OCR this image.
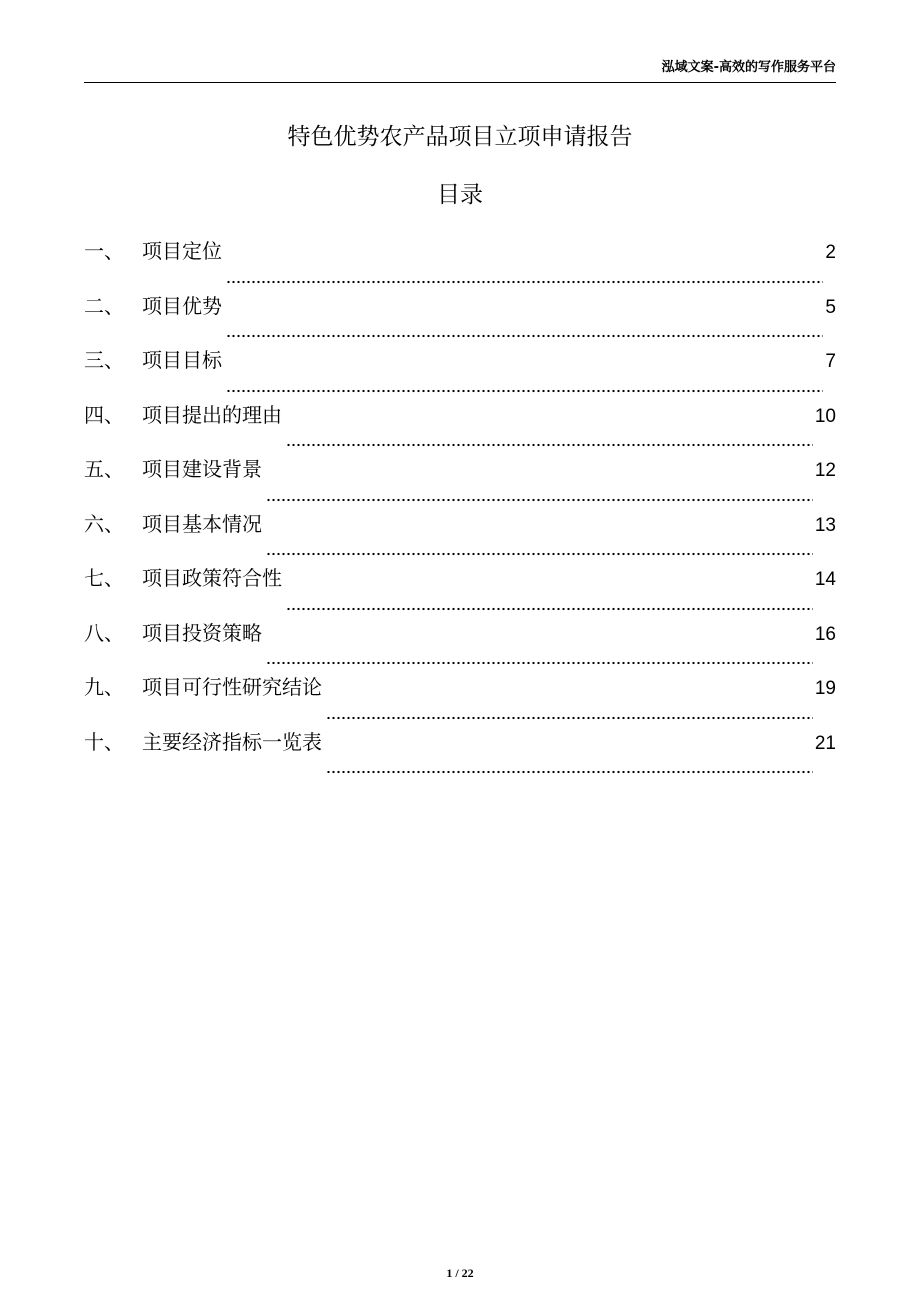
泓域文案-高效的写作服务平台
特色优势农产品项目立项申请报告
目录
一、 项目定位	2
二、 项目优势	5
三、 项目目标	7
四、 项目提出的理由	10
五、 项目建设背景	12
六、 项目基本情况	13
七、 项目政策符合性	14
八、 项目投资策略	16
九、 项目可行性研究结论	19
十、 主要经济指标一览表	21
1 / 22
